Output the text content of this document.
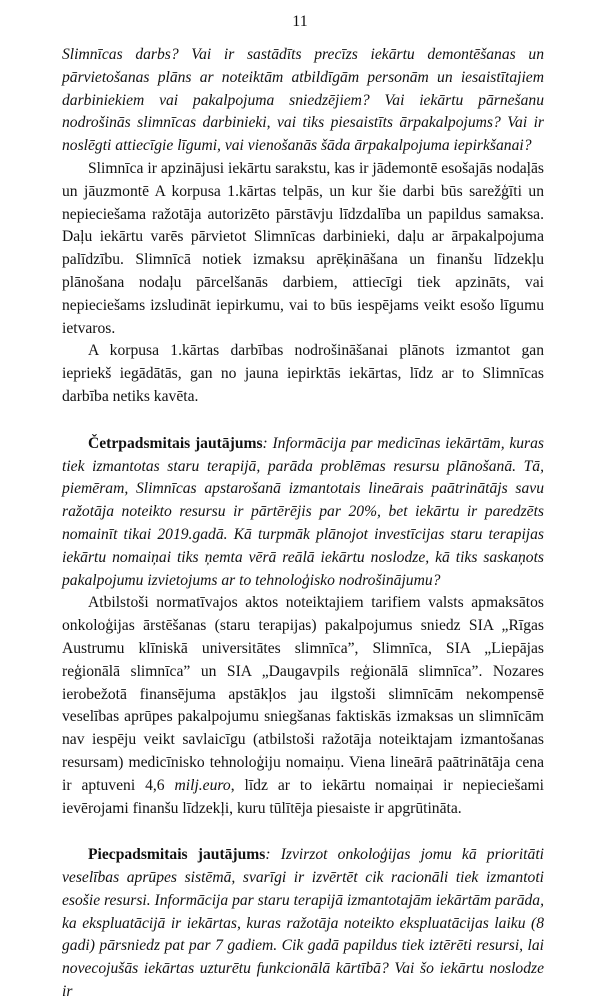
11

Slimnīcas darbs? Vai ir sastādīts precīzs iekārtu demontēšanas un pārvietošanas plāns ar noteiktām atbildīgām personām un iesaistītajiem darbiniekiem vai pakalpojuma sniedzējiem? Vai iekārtu pārnešanu nodrošinās slimnīcas darbinieki, vai tiks piesaistīts ārpakalpojums? Vai ir noslēgti attiecīgie līgumi, vai vienošanās šāda ārpakalpojuma iepirkšanai?

Slimnīca ir apzinājusi iekārtu sarakstu, kas ir jādemontē esošajās nodaļās un jāuzmontē A korpusa 1.kārtas telpās, un kur šie darbi būs sarežģīti un nepieciešama ražotāja autorizēto pārstāvju līdzdalība un papildus samaksa. Daļu iekārtu varēs pārvietot Slimnīcas darbinieki, daļu ar ārpakalpojuma palīdzību. Slimnīcā notiek izmaksu aprēķināšana un finanšu līdzekļu plānošana nodaļu pārcelšanās darbiem, attiecīgi tiek apzināts, vai nepieciešams izsludināt iepirkumu, vai to būs iespējams veikt esošo līgumu ietvaros.

A korpusa 1.kārtas darbības nodrošināšanai plānots izmantot gan iepriekš iegādātās, gan no jauna iepirktās iekārtas, līdz ar to Slimnīcas darbība netiks kavēta.

Četrpadsmitais jautājums: Informācija par medicīnas iekārtām, kuras tiek izmantotas staru terapijā, parāda problēmas resursu plānošanā. Tā, piemēram, Slimnīcas apstarošanā izmantotais lineārais paātrinātājs savu ražotāja noteikto resursu ir pārtērējis par 20%, bet iekārtu ir paredzēts nomainīt tikai 2019.gadā. Kā turpmāk plānojot investīcijas staru terapijas iekārtu nomaiņai tiks ņemta vērā reālā iekārtu noslodze, kā tiks saskaņots pakalpojumu izvietojums ar to tehnoloģisko nodrošinājumu?

Atbilstoši normatīvajos aktos noteiktajiem tarifiem valsts apmaksātos onkoloģijas ārstēšanas (staru terapijas) pakalpojumus sniedz SIA „Rīgas Austrumu klīniskā universitātes slimnīca”, Slimnīca, SIA „Liepājas reģionālā slimnīca” un SIA „Daugavpils reģionālā slimnīca”. Nozares ierobežotā finansējuma apstākļos jau ilgstoši slimnīcām nekompensē veselības aprūpes pakalpojumu sniegšanas faktiskās izmaksas un slimnīcām nav iespēju veikt savlaicīgu (atbilstoši ražotāja noteiktajam izmantošanas resursam) medicīnisko tehnoloģiju nomaiņu. Viena lineārā paātrinātāja cena ir aptuveni 4,6 milj.euro, līdz ar to iekārtu nomaiņai ir nepieciešami ievērojami finanšu līdzekļi, kuru tūlītēja piesaiste ir apgrūtināta.

Piecpadsmitais jautājums: Izvirzot onkoloģijas jomu kā prioritāti veselības aprūpes sistēmā, svarīgi ir izvērtēt cik racionāli tiek izmantoti esošie resursi. Informācija par staru terapijā izmantotajām iekārtām parāda, ka ekspluatācijā ir iekārtas, kuras ražotāja noteikto ekspluatācijas laiku (8 gadi) pārsniedz pat par 7 gadiem. Cik gadā papildus tiek iztērēti resursi, lai novecojušās iekārtas uzturētu funkcionālā kārtībā? Vai šo iekārtu noslodze ir
